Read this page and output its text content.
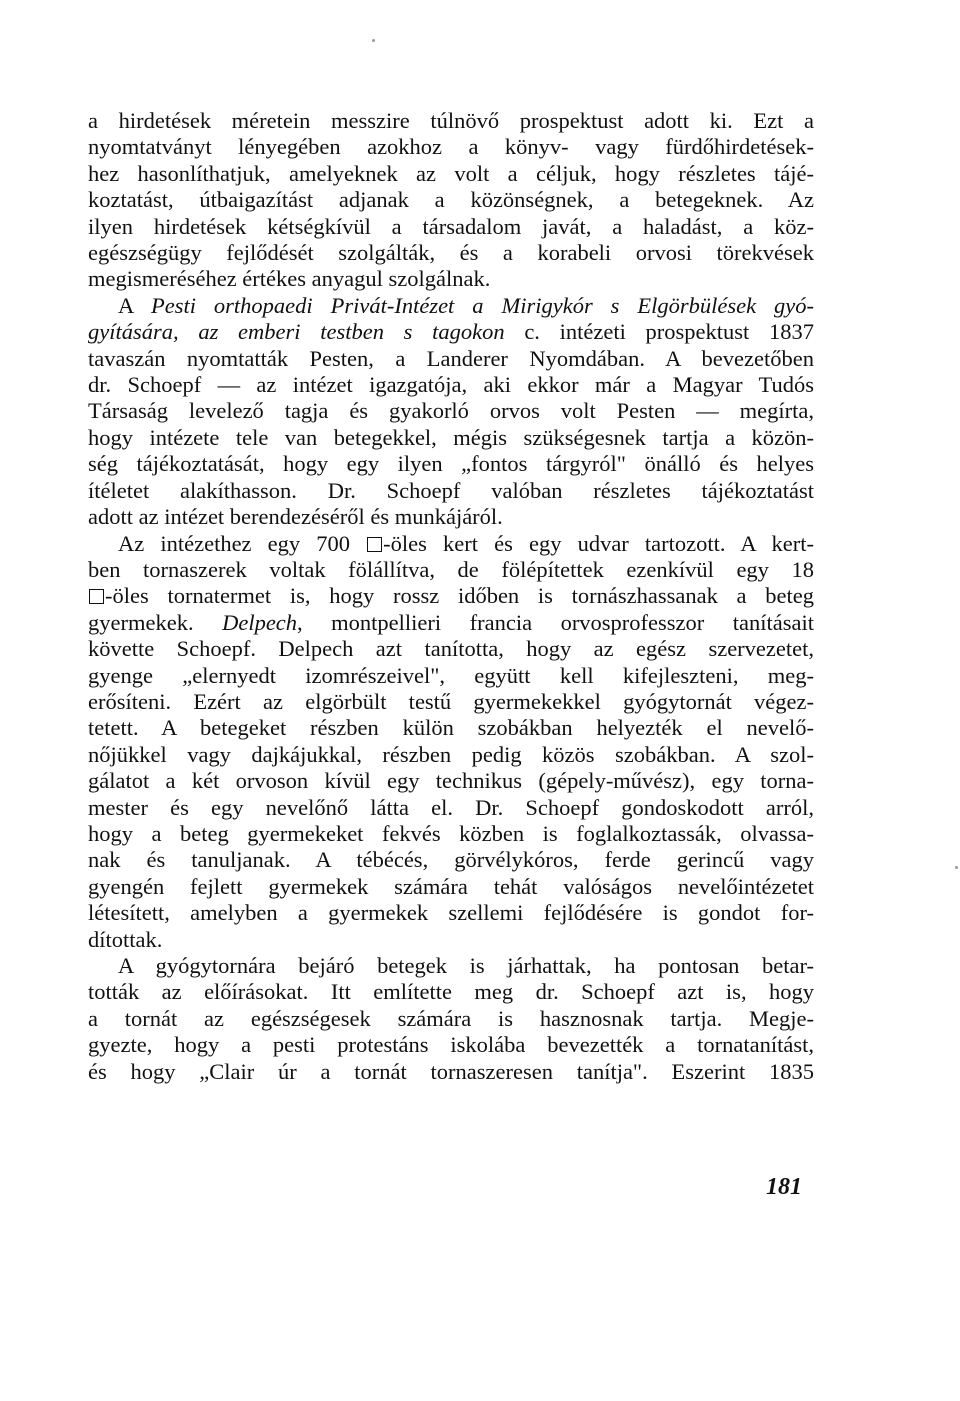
a hirdetések méretein messzire túlnövő prospektust adott ki. Ezt a
nyomtatványt lényegében azokhoz a könyv- vagy fürdőhirdetések-
hez hasonlíthatjuk, amelyeknek az volt a céljuk, hogy részletes tájé-
koztatást, útbaigazítást adjanak a közönségnek, a betegeknek. Az
ilyen hirdetések kétségkívül a társadalom javát, a haladást, a köz-
egészségügy fejlődését szolgálták, és a korabeli orvosi törekvések
megismeréséhez értékes anyagul szolgálnak.
A Pesti orthopaedi Privát-Intézet a Mirigykór s Elgörbülések gyó-
gyítására, az emberi testben s tagokon c. intézeti prospektust 1837
tavaszán nyomtatták Pesten, a Landerer Nyomdában. A bevezetőben
dr. Schoepf — az intézet igazgatója, aki ekkor már a Magyar Tudós
Társaság levelező tagja és gyakorló orvos volt Pesten — megírta,
hogy intézete tele van betegekkel, mégis szükségesnek tartja a közön-
ség tájékoztatását, hogy egy ilyen „fontos tárgyról" önálló és helyes
ítéletet alakíthasson. Dr. Schoepf valóban részletes tájékoztatást
adott az intézet berendezéséről és munkájáról.
Az intézethez egy 700 -öles kert és egy udvar tartozott. A kert-
ben tornaszerek voltak fölállítva, de fölépítettek ezenkívül egy 18
-öles tornatermet is, hogy rossz időben is tornászhassanak a beteg
gyermekek. Delpech, montpellieri francia orvosprofesszor tanításait
követte Schoepf. Delpech azt tanította, hogy az egész szervezetet,
gyenge „elernyedt izomrészeivel", együtt kell kifejleszteni, meg-
erősíteni. Ezért az elgörbült testű gyermekekkel gyógytornát végez-
tetett. A betegeket részben külön szobákban helyezték el nevelő-
nőjükkel vagy dajkájukkal, részben pedig közös szobákban. A szol-
gálatot a két orvoson kívül egy technikus (gépely-művész), egy torna-
mester és egy nevelőnő látta el. Dr. Schoepf gondoskodott arról,
hogy a beteg gyermekeket fekvés közben is foglalkoztassák, olvassa-
nak és tanuljanak. A tébécés, görvélykóros, ferde gerincű vagy
gyengén fejlett gyermekek számára tehát valóságos nevelőintézetet
létesített, amelyben a gyermekek szellemi fejlődésére is gondot for-
dítottak.
A gyógytornára bejáró betegek is járhattak, ha pontosan betar-
tották az előírásokat. Itt említette meg dr. Schoepf azt is, hogy
a tornát az egészségesek számára is hasznosnak tartja. Megje-
gyezte, hogy a pesti protestáns iskolába bevezették a tornatanítást,
és hogy „Clair úr a tornát tornaszeresen tanítja". Eszerint 1835
181
